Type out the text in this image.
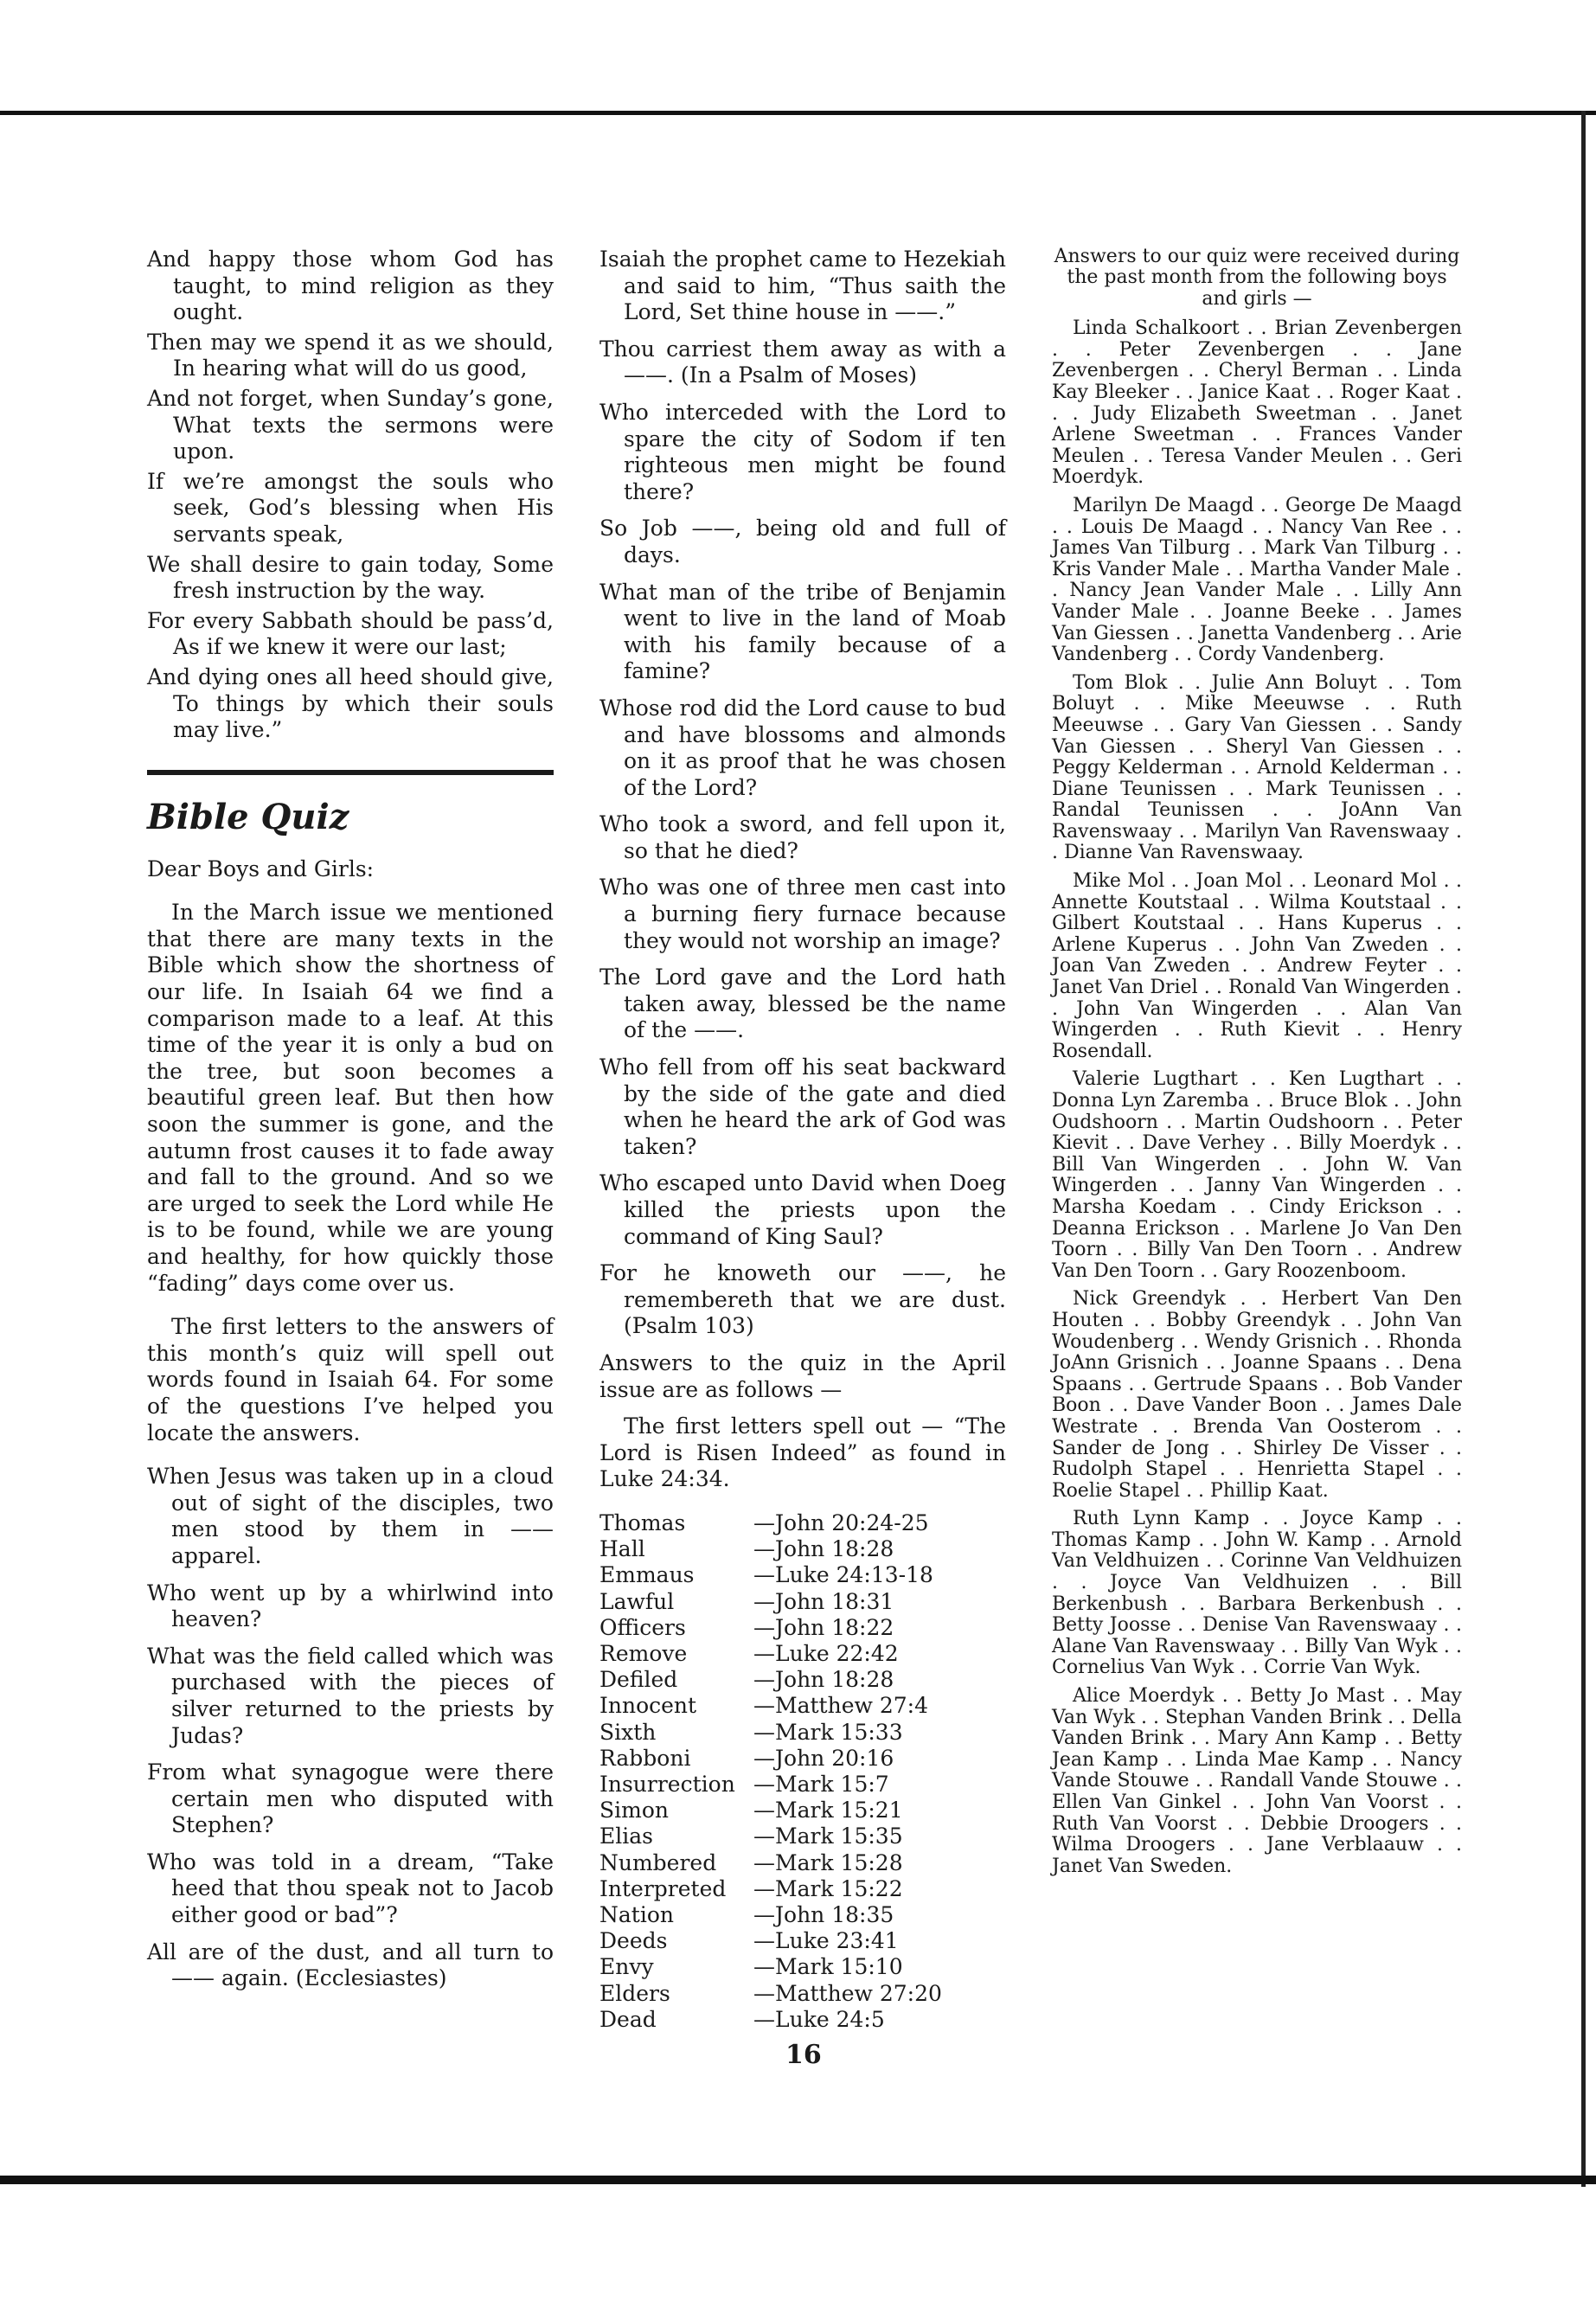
And happy those whom God has taught, to mind religion as they ought.

Then may we spend it as we should, In hearing what will do us good,

And not forget, when Sunday’s gone, What texts the sermons were upon.

If we’re amongst the souls who seek, God’s blessing when His servants speak,

We shall desire to gain today, Some fresh instruction by the way.

For every Sabbath should be pass’d, As if we knew it were our last;

And dying ones all heed should give, To things by which their souls may live.”

Bible Quiz

Dear Boys and Girls:

In the March issue we mentioned that there are many texts in the Bible which show the shortness of our life. In Isaiah 64 we find a comparison made to a leaf. At this time of the year it is only a bud on the tree, but soon becomes a beautiful green leaf. But then how soon the summer is gone, and the autumn frost causes it to fade away and fall to the ground. And so we are urged to seek the Lord while He is to be found, while we are young and healthy, for how quickly those “fading” days come over us.

The first letters to the answers of this month’s quiz will spell out words found in Isaiah 64. For some of the questions I’ve helped you locate the answers.

When Jesus was taken up in a cloud out of sight of the disciples, two men stood by them in —— apparel.

Who went up by a whirlwind into heaven?

What was the field called which was purchased with the pieces of silver returned to the priests by Judas?

From what synagogue were there certain men who disputed with Stephen?

Who was told in a dream, “Take heed that thou speak not to Jacob either good or bad”?

All are of the dust, and all turn to —— again. (Ecclesiastes)

Isaiah the prophet came to Hezekiah and said to him, “Thus saith the Lord, Set thine house in ——.”

Thou carriest them away as with a ——. (In a Psalm of Moses)

Who interceded with the Lord to spare the city of Sodom if ten righteous men might be found there?

So Job ——, being old and full of days.

What man of the tribe of Benjamin went to live in the land of Moab with his family because of a famine?

Whose rod did the Lord cause to bud and have blossoms and almonds on it as proof that he was chosen of the Lord?

Who took a sword, and fell upon it, so that he died?

Who was one of three men cast into a burning fiery furnace because they would not worship an image?

The Lord gave and the Lord hath taken away, blessed be the name of the ——.

Who fell from off his seat backward by the side of the gate and died when he heard the ark of God was taken?

Who escaped unto David when Doeg killed the priests upon the command of King Saul?

For he knoweth our ——, he remembereth that we are dust. (Psalm 103)

Answers to the quiz in the April issue are as follows —

The first letters spell out — “The Lord is Risen Indeed” as found in Luke 24:34.

Thomas	—John 20:24-25
Hall	—John 18:28
Emmaus	—Luke 24:13-18
Lawful	—John 18:31
Officers	—John 18:22
Remove	—Luke 22:42
Defiled	—John 18:28
Innocent	—Matthew 27:4
Sixth	—Mark 15:33
Rabboni	—John 20:16
Insurrection	—Mark 15:7
Simon	—Mark 15:21
Elias	—Mark 15:35
Numbered	—Mark 15:28
Interpreted	—Mark 15:22
Nation	—John 18:35
Deeds	—Luke 23:41
Envy	—Mark 15:10
Elders	—Matthew 27:20
Dead	—Luke 24:5

Answers to our quiz were received during the past month from the following boys and girls —

Linda Schalkoort . . Brian Zevenbergen . . Peter Zevenbergen . . Jane Zevenbergen . . Cheryl Berman . . Linda Kay Bleeker . . Janice Kaat . . Roger Kaat . . . Judy Elizabeth Sweetman . . Janet Arlene Sweetman . . Frances Vander Meulen . . Teresa Vander Meulen . . Geri Moerdyk.

Marilyn De Maagd . . George De Maagd . . Louis De Maagd . . Nancy Van Ree . . James Van Tilburg . . Mark Van Tilburg . . Kris Vander Male . . Martha Vander Male . . Nancy Jean Vander Male . . Lilly Ann Vander Male . . Joanne Beeke . . James Van Giessen . . Janetta Vandenberg . . Arie Vandenberg . . Cordy Vandenberg.

Tom Blok . . Julie Ann Boluyt . . Tom Boluyt . . Mike Meeuwse . . Ruth Meeuwse . . Gary Van Giessen . . Sandy Van Giessen . . Sheryl Van Giessen . . Peggy Kelderman . . Arnold Kelderman . . Diane Teunissen . . Mark Teunissen . . Randal Teunissen . . JoAnn Van Ravenswaay . . Marilyn Van Ravenswaay . . Dianne Van Ravenswaay.

Mike Mol . . Joan Mol . . Leonard Mol . . Annette Koutstaal . . Wilma Koutstaal . . Gilbert Koutstaal . . Hans Kuperus . . Arlene Kuperus . . John Van Zweden . . Joan Van Zweden . . Andrew Feyter . . Janet Van Driel . . Ronald Van Wingerden . . John Van Wingerden . . Alan Van Wingerden . . Ruth Kievit . . Henry Rosendall.

Valerie Lugthart . . Ken Lugthart . . Donna Lyn Zaremba . . Bruce Blok . . John Oudshoorn . . Martin Oudshoorn . . Peter Kievit . . Dave Verhey . . Billy Moerdyk . . Bill Van Wingerden . . John W. Van Wingerden . . Janny Van Wingerden . . Marsha Koedam . . Cindy Erickson . . Deanna Erickson . . Marlene Jo Van Den Toorn . . Billy Van Den Toorn . . Andrew Van Den Toorn . . Gary Roozenboom.

Nick Greendyk . . Herbert Van Den Houten . . Bobby Greendyk . . John Van Woudenberg . . Wendy Grisnich . . Rhonda JoAnn Grisnich . . Joanne Spaans . . Dena Spaans . . Gertrude Spaans . . Bob Vander Boon . . Dave Vander Boon . . James Dale Westrate . . Brenda Van Oosterom . . Sander de Jong . . Shirley De Visser . . Rudolph Stapel . . Henrietta Stapel . . Roelie Stapel . . Phillip Kaat.

Ruth Lynn Kamp . . Joyce Kamp . . Thomas Kamp . . John W. Kamp . . Arnold Van Veldhuizen . . Corinne Van Veldhuizen . . Joyce Van Veldhuizen . . Bill Berkenbush . . Barbara Berkenbush . . Betty Joosse . . Denise Van Ravenswaay . . Alane Van Ravenswaay . . Billy Van Wyk . . Cornelius Van Wyk . . Corrie Van Wyk.

Alice Moerdyk . . Betty Jo Mast . . May Van Wyk . . Stephan Vanden Brink . . Della Vanden Brink . . Mary Ann Kamp . . Betty Jean Kamp . . Linda Mae Kamp . . Nancy Vande Stouwe . . Randall Vande Stouwe . . Ellen Van Ginkel . . John Van Voorst . . Ruth Van Voorst . . Debbie Droogers . . Wilma Droogers . . Jane Verblaauw . . Janet Van Sweden.

16
